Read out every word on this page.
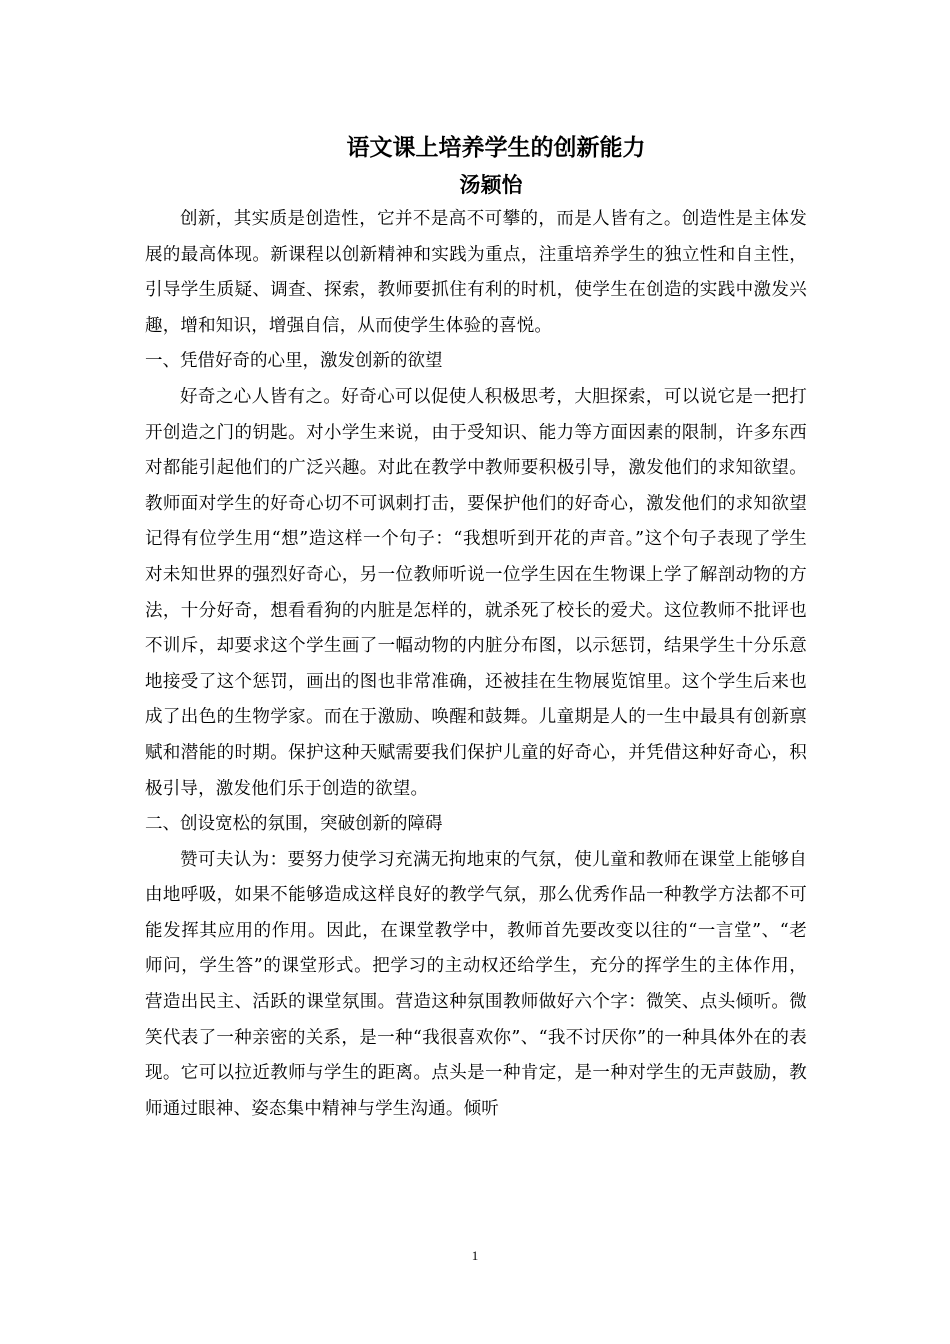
语文课上培养学生的创新能力
汤颖怡

创新，其实质是创造性，它并不是高不可攀的，而是人皆有之。创造性是主体发展的最高体现。新课程以创新精神和实践为重点，注重培养学生的独立性和自主性，引导学生质疑、调查、探索，教师要抓住有利的时机，使学生在创造的实践中激发兴趣，增和知识，增强自信，从而使学生体验的喜悦。

一、凭借好奇的心里，激发创新的欲望

好奇之心人皆有之。好奇心可以促使人积极思考，大胆探索，可以说它是一把打开创造之门的钥匙。对小学生来说，由于受知识、能力等方面因素的限制，许多东西对都能引起他们的广泛兴趣。对此在教学中教师要积极引导，激发他们的求知欲望。教师面对学生的好奇心切不可讽刺打击，要保护他们的好奇心，激发他们的求知欲望记得有位学生用“想”造这样一个句子：“我想听到开花的声音。”这个句子表现了学生对未知世界的强烈好奇心，另一位教师听说一位学生因在生物课上学了解剖动物的方法，十分好奇，想看看狗的内脏是怎样的，就杀死了校长的爱犬。这位教师不批评也不训斥，却要求这个学生画了一幅动物的内脏分布图，以示惩罚，结果学生十分乐意地接受了这个惩罚，画出的图也非常准确，还被挂在生物展览馆里。这个学生后来也成了出色的生物学家。而在于激励、唤醒和鼓舞。儿童期是人的一生中最具有创新禀赋和潜能的时期。保护这种天赋需要我们保护儿童的好奇心，并凭借这种好奇心，积极引导，激发他们乐于创造的欲望。

二、创设宽松的氛围，突破创新的障碍

赞可夫认为：要努力使学习充满无拘地束的气氛，使儿童和教师在课堂上能够自由地呼吸，如果不能够造成这样良好的教学气氛，那么优秀作品一种教学方法都不可能发挥其应用的作用。因此，在课堂教学中，教师首先要改变以往的“一言堂”、“老师问，学生答”的课堂形式。把学习的主动权还给学生，充分的挥学生的主体作用，营造出民主、活跃的课堂氛围。营造这种氛围教师做好六个字：微笑、点头倾听。微笑代表了一种亲密的关系，是一种“我很喜欢你”、“我不讨厌你”的一种具体外在的表现。它可以拉近教师与学生的距离。点头是一种肯定，是一种对学生的无声鼓励，教师通过眼神、姿态集中精神与学生沟通。倾听

1
